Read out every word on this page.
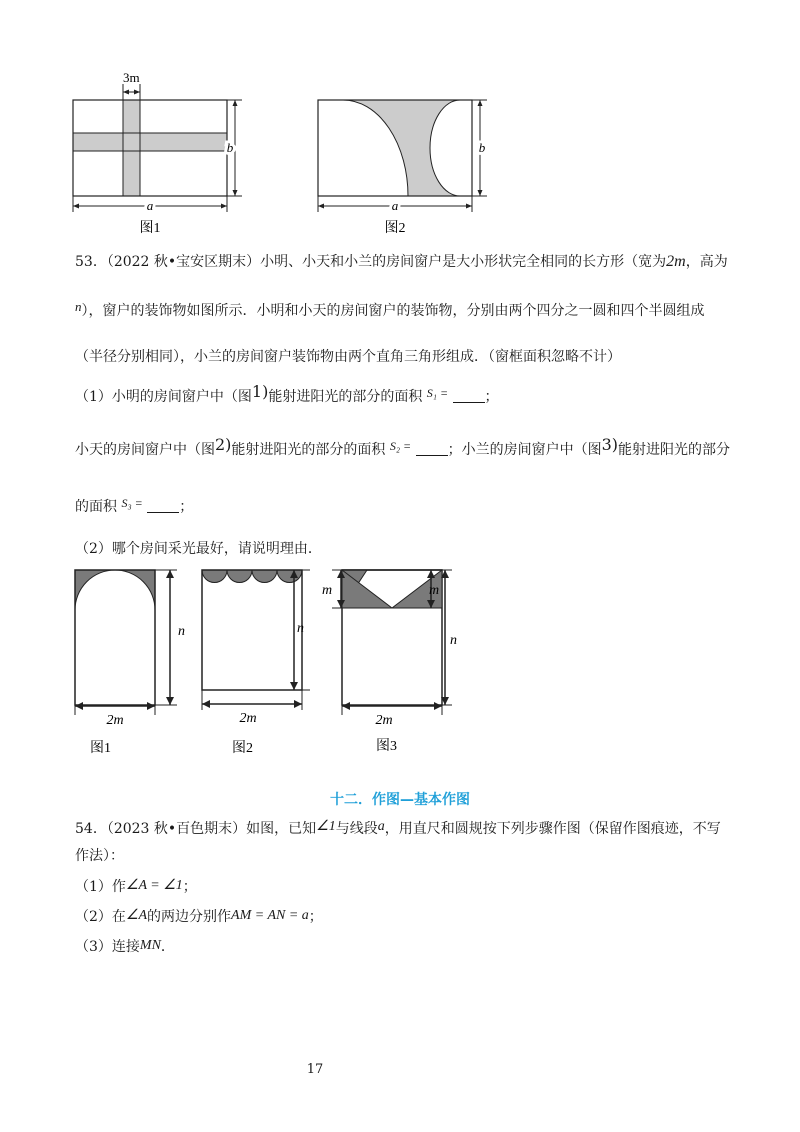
3m
b
a
图1
b
a
图2
53．（2022 秋•宝安区期末）小明、小天和小兰的房间窗户是大小形状完全相同的长方形（宽为2m，高为
n），窗户的装饰物如图所示．小明和小天的房间窗户的装饰物，分别由两个四分之一圆和四个半圆组成
（半径分别相同），小兰的房间窗户装饰物由两个直角三角形组成．（窗框面积忽略不计）
（1）小明的房间窗户中（图1)能射进阳光的部分的面积 S₁ =	；
小天的房间窗户中（图2)能射进阳光的部分的面积 S₂ =	；小兰的房间窗户中（图3)能射进阳光的部分
的面积 S₃ =	；
（2）哪个房间采光最好，请说明理由．
n
2m
图1
n
2m
图2
m	m
n
2m
图3
十二．作图—基本作图
54．（2023 秋•百色期末）如图，已知∠1与线段a，用直尺和圆规按下列步骤作图（保留作图痕迹，不写
作法）：
（1）作∠A = ∠1；
（2）在∠A的两边分别作AM = AN = a；
（3）连接MN．
17
